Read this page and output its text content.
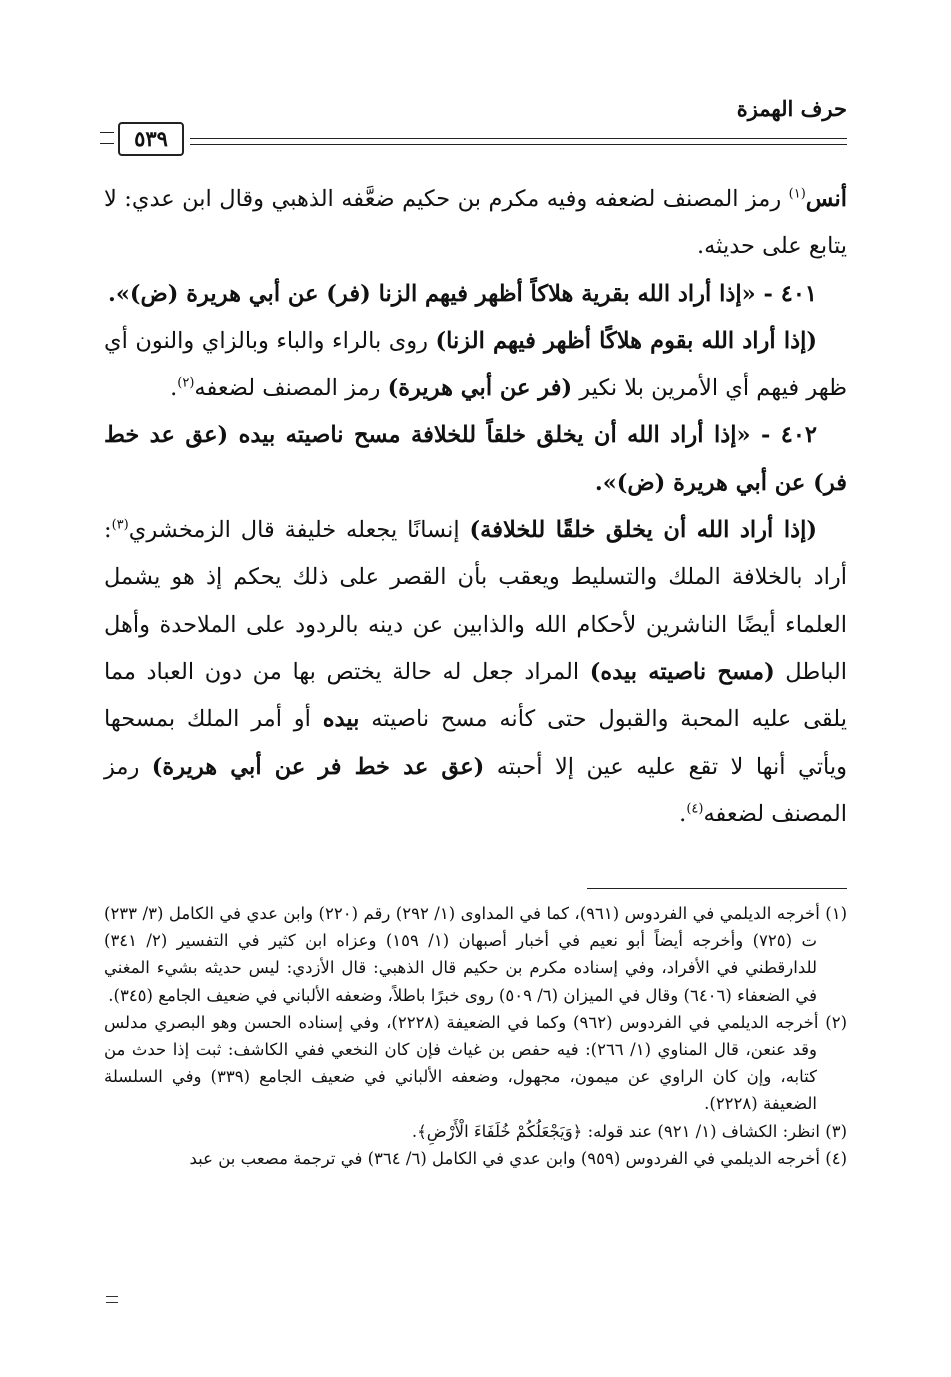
حرف الهمزة
٥٣٩

أنس$^{(١)}$ رمز المصنف لضعفه وفيه مكرم بن حكيم ضعَّفه الذهبي وقال ابن عدي: لا يتابع على حديثه.

٤٠١ - «إذا أراد الله بقرية هلاكاً أظهر فيهم الزنا (فر) عن أبي هريرة (ض)».

(إذا أراد الله بقوم هلاكًا أظهر فيهم الزنا) روى بالراء والباء وبالزاي والنون أي ظهر فيهم أي الأمرين بلا نكير (فر عن أبي هريرة) رمز المصنف لضعفه$^{(٢)}$.

٤٠٢ - «إذا أراد الله أن يخلق خلقاً للخلافة مسح ناصيته بيده (عق عد خط فر) عن أبي هريرة (ض)».

(إذا أراد الله أن يخلق خلقًا للخلافة) إنسانًا يجعله خليفة قال الزمخشري$^{(٣)}$: أراد بالخلافة الملك والتسليط ويعقب بأن القصر على ذلك يحكم إذ هو يشمل العلماء أيضًا الناشرين لأحكام الله والذابين عن دينه بالردود على الملاحدة وأهل الباطل (مسح ناصيته بيده) المراد جعل له حالة يختص بها من دون العباد مما يلقى عليه المحبة والقبول حتى كأنه مسح ناصيته بيده أو أمر الملك بمسحها ويأتي أنها لا تقع عليه عين إلا أحبته (عق عد خط فر عن أبي هريرة) رمز المصنف لضعفه$^{(٤)}$.

(١) أخرجه الديلمي في الفردوس (٩٦١)، كما في المداوى (١/ ٢٩٢) رقم (٢٢٠) وابن عدي في الكامل (٣/ ٢٣٣) ت (٧٢٥) وأخرجه أيضاً أبو نعيم في أخبار أصبهان (١/ ١٥٩) وعزاه ابن كثير في التفسير (٢/ ٣٤١) للدارقطني في الأفراد، وفي إسناده مكرم بن حكيم قال الذهبي: قال الأزدي: ليس حديثه بشيء المغني في الضعفاء (٦٤٠٦) وقال في الميزان (٦/ ٥٠٩) روى خبرًا باطلاً، وضعفه الألباني في ضعيف الجامع (٣٤٥).

(٢) أخرجه الديلمي في الفردوس (٩٦٢) وكما في الضعيفة (٢٢٢٨)، وفي إسناده الحسن وهو البصري مدلس وقد عنعن، قال المناوي (١/ ٢٦٦): فيه حفص بن غياث فإن كان النخعي ففي الكاشف: ثبت إذا حدث من كتابه، وإن كان الراوي عن ميمون، مجهول، وضعفه الألباني في ضعيف الجامع (٣٣٩) وفي السلسلة الضعيفة (٢٢٢٨).

(٣) انظر: الكشاف (١/ ٩٢١) عند قوله: ﴿وَيَجْعَلُكُمْ خُلَفَاءَ الْأَرْضِ﴾.

(٤) أخرجه الديلمي في الفردوس (٩٥٩) وابن عدي في الكامل (٦/ ٣٦٤) في ترجمة مصعب بن عبد
